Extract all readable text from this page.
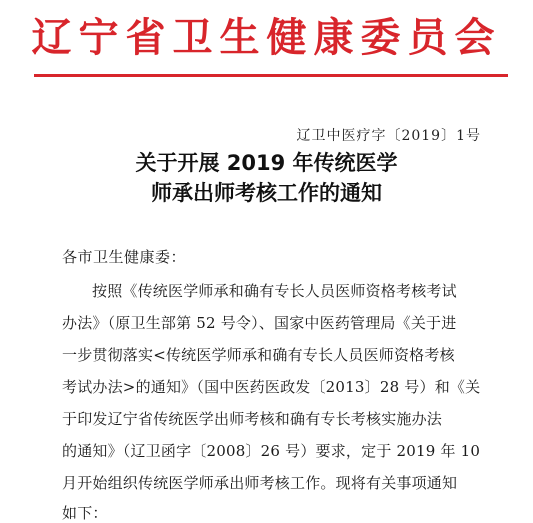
辽宁省卫生健康委员会
辽卫中医疗字〔2019〕1号
关于开展 2019 年传统医学
师承出师考核工作的通知
各市卫生健康委：
按照《传统医学师承和确有专长人员医师资格考核考试
办法》（原卫生部第 52 号令）、国家中医药管理局《关于进
一步贯彻落实<传统医学师承和确有专长人员医师资格考核
考试办法>的通知》（国中医药医政发〔2013〕28 号）和《关
于印发辽宁省传统医学出师考核和确有专长考核实施办法
的通知》（辽卫函字〔2008〕26 号）要求，定于 2019 年 10
月开始组织传统医学师承出师考核工作。现将有关事项通知
如下：
